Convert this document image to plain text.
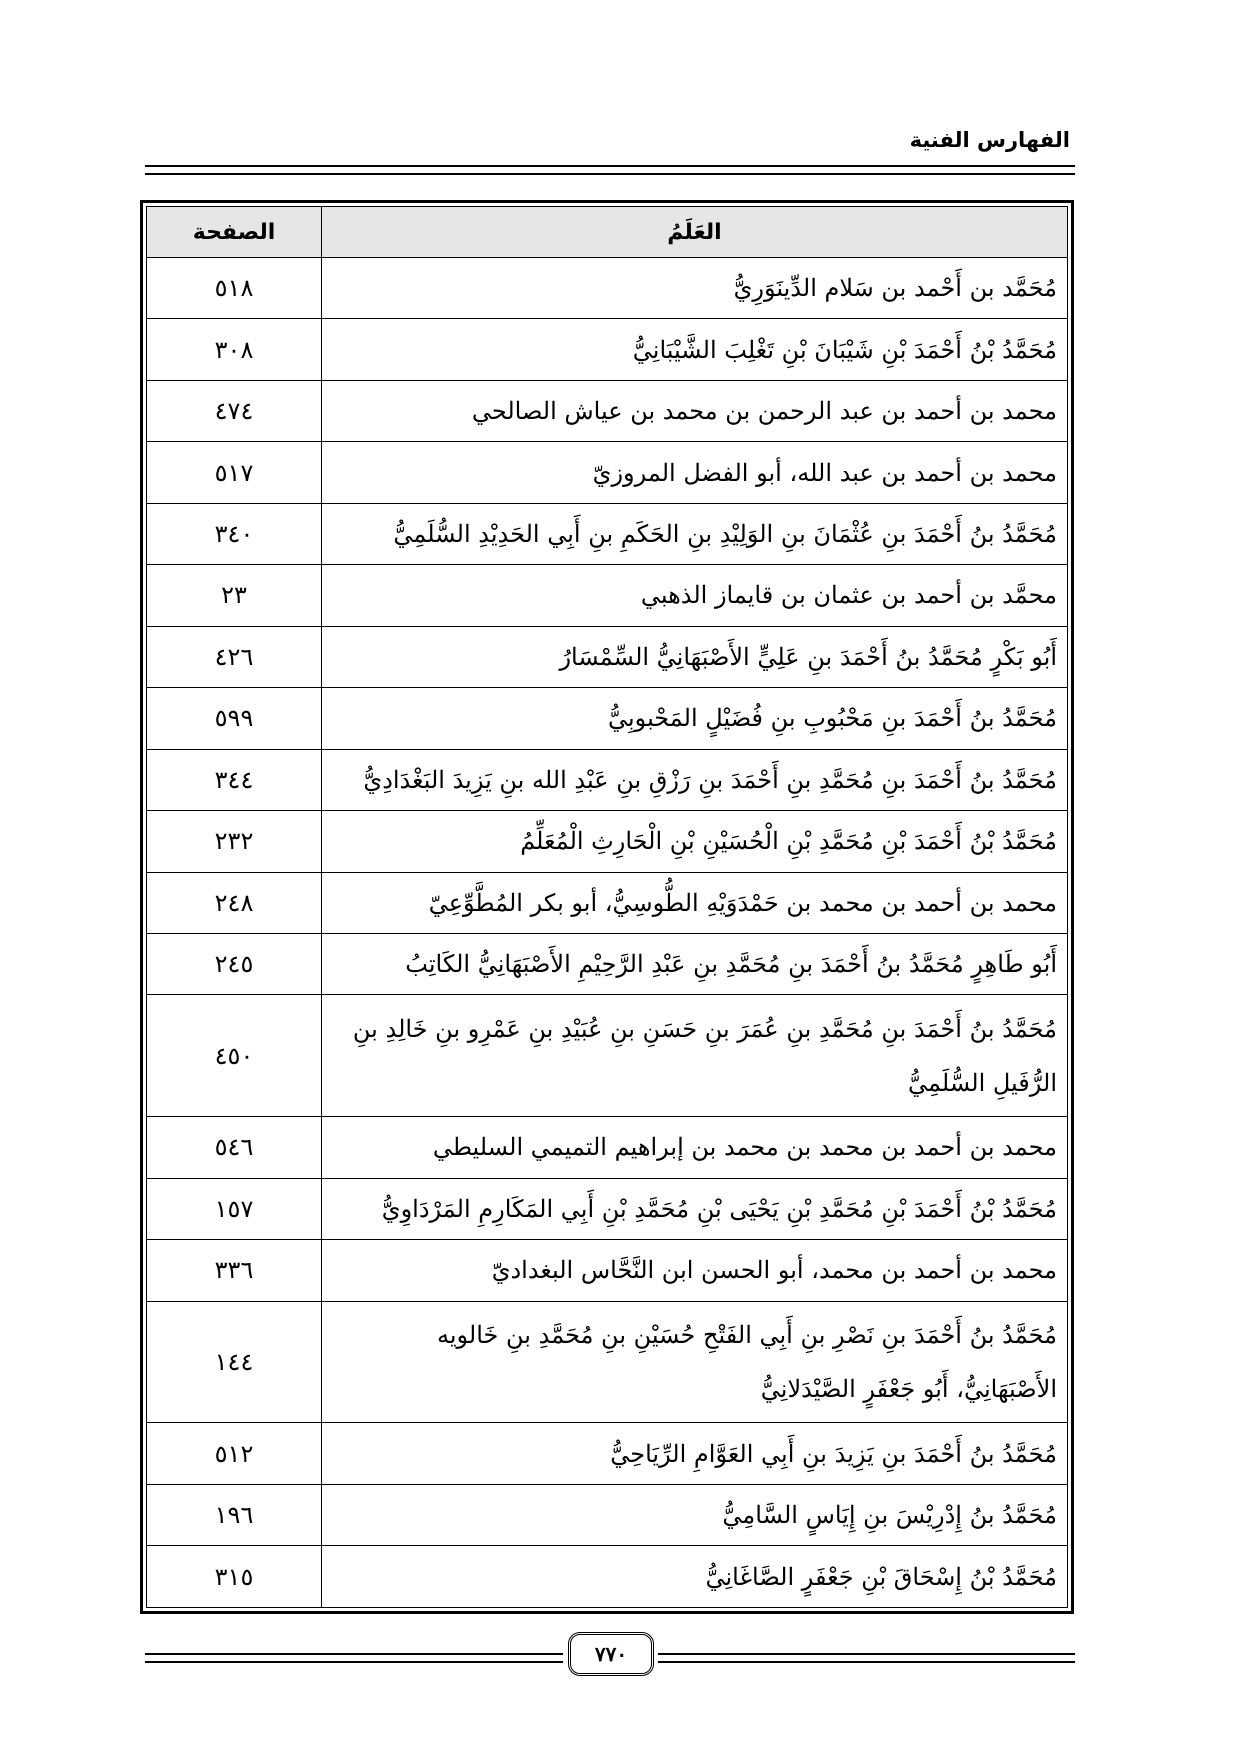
الفهارس الفنية
العَلَمُ	الصفحة
مُحَمَّد بن أَحْمد بن سَلام الدِّينَوَرِيُّ	٥١٨
مُحَمَّدُ بْنُ أَحْمَدَ بْنِ شَيْبَانَ بْنِ تَغْلِبَ الشَّيْبَانِيُّ	٣٠٨
محمد بن أحمد بن عبد الرحمن بن محمد بن عياش الصالحي	٤٧٤
محمد بن أحمد بن عبد الله، أبو الفضل المروزيّ	٥١٧
مُحَمَّدُ بنُ أَحْمَدَ بنِ عُثْمَانَ بنِ الوَلِيْدِ بنِ الحَكَمِ بنِ أَبِي الحَدِيْدِ السُّلَمِيُّ	٣٤٠
محمَّد بن أحمد بن عثمان بن قايماز الذهبي	٢٣
أَبُو بَكْرٍ مُحَمَّدُ بنُ أَحْمَدَ بنِ عَلِيٍّ الأَصْبَهَانِيُّ السِّمْسَارُ	٤٢٦
مُحَمَّدُ بنُ أَحْمَدَ بنِ مَحْبُوبِ بنِ فُضَيْلٍ المَحْبوبِيُّ	٥٩٩
مُحَمَّدُ بنُ أَحْمَدَ بنِ مُحَمَّدِ بنِ أَحْمَدَ بنِ رَزْقِ بنِ عَبْدِ الله بنِ يَزِيدَ البَغْدَادِيُّ	٣٤٤
مُحَمَّدُ بْنُ أَحْمَدَ بْنِ مُحَمَّدِ بْنِ الْحُسَيْنِ بْنِ الْحَارِثِ الْمُعَلِّمُ	٢٣٢
محمد بن أحمد بن محمد بن حَمْدَوَيْهِ الطُّوسِيُّ، أبو بكر المُطَّوِّعِيّ	٢٤٨
أَبُو طَاهِرٍ مُحَمَّدُ بنُ أَحْمَدَ بنِ مُحَمَّدِ بنِ عَبْدِ الرَّحِيْمِ الأَصْبَهَانِيُّ الكَاتِبُ	٢٤٥
مُحَمَّدُ بنُ أَحْمَدَ بنِ مُحَمَّدِ بنِ عُمَرَ بنِ حَسَنِ بنِ عُبَيْدِ بنِ عَمْرِو بنِ خَالِدِ بنِ الرُّفَيلِ السُّلَمِيُّ	٤٥٠
محمد بن أحمد بن محمد بن محمد بن إبراهيم التميمي السليطي	٥٤٦
مُحَمَّدُ بْنُ أَحْمَدَ بْنِ مُحَمَّدِ بْنِ يَحْيَى بْنِ مُحَمَّدِ بْنِ أَبِي المَكَارِمِ المَرْدَاوِيُّ	١٥٧
محمد بن أحمد بن محمد، أبو الحسن ابن النَّحَّاس البغداديّ	٣٣٦
مُحَمَّدُ بنُ أَحْمَدَ بنِ نَصْرِ بنِ أَبِي الفَتْحِ حُسَيْنِ بنِ مُحَمَّدِ بنِ خَالويه الأَصْبَهَانِيُّ، أَبُو جَعْفَرٍ الصَّيْدَلانِيُّ	١٤٤
مُحَمَّدُ بنُ أَحْمَدَ بنِ يَزِيدَ بنِ أَبِي العَوَّامِ الرِّيَاحِيُّ	٥١٢
مُحَمَّدُ بنُ إِدْرِيْسَ بنِ إِيَاسٍ السَّامِيُّ	١٩٦
مُحَمَّدُ بْنُ إِسْحَاقَ بْنِ جَعْفَرٍ الصَّاغَانِيُّ	٣١٥
٧٧٠
